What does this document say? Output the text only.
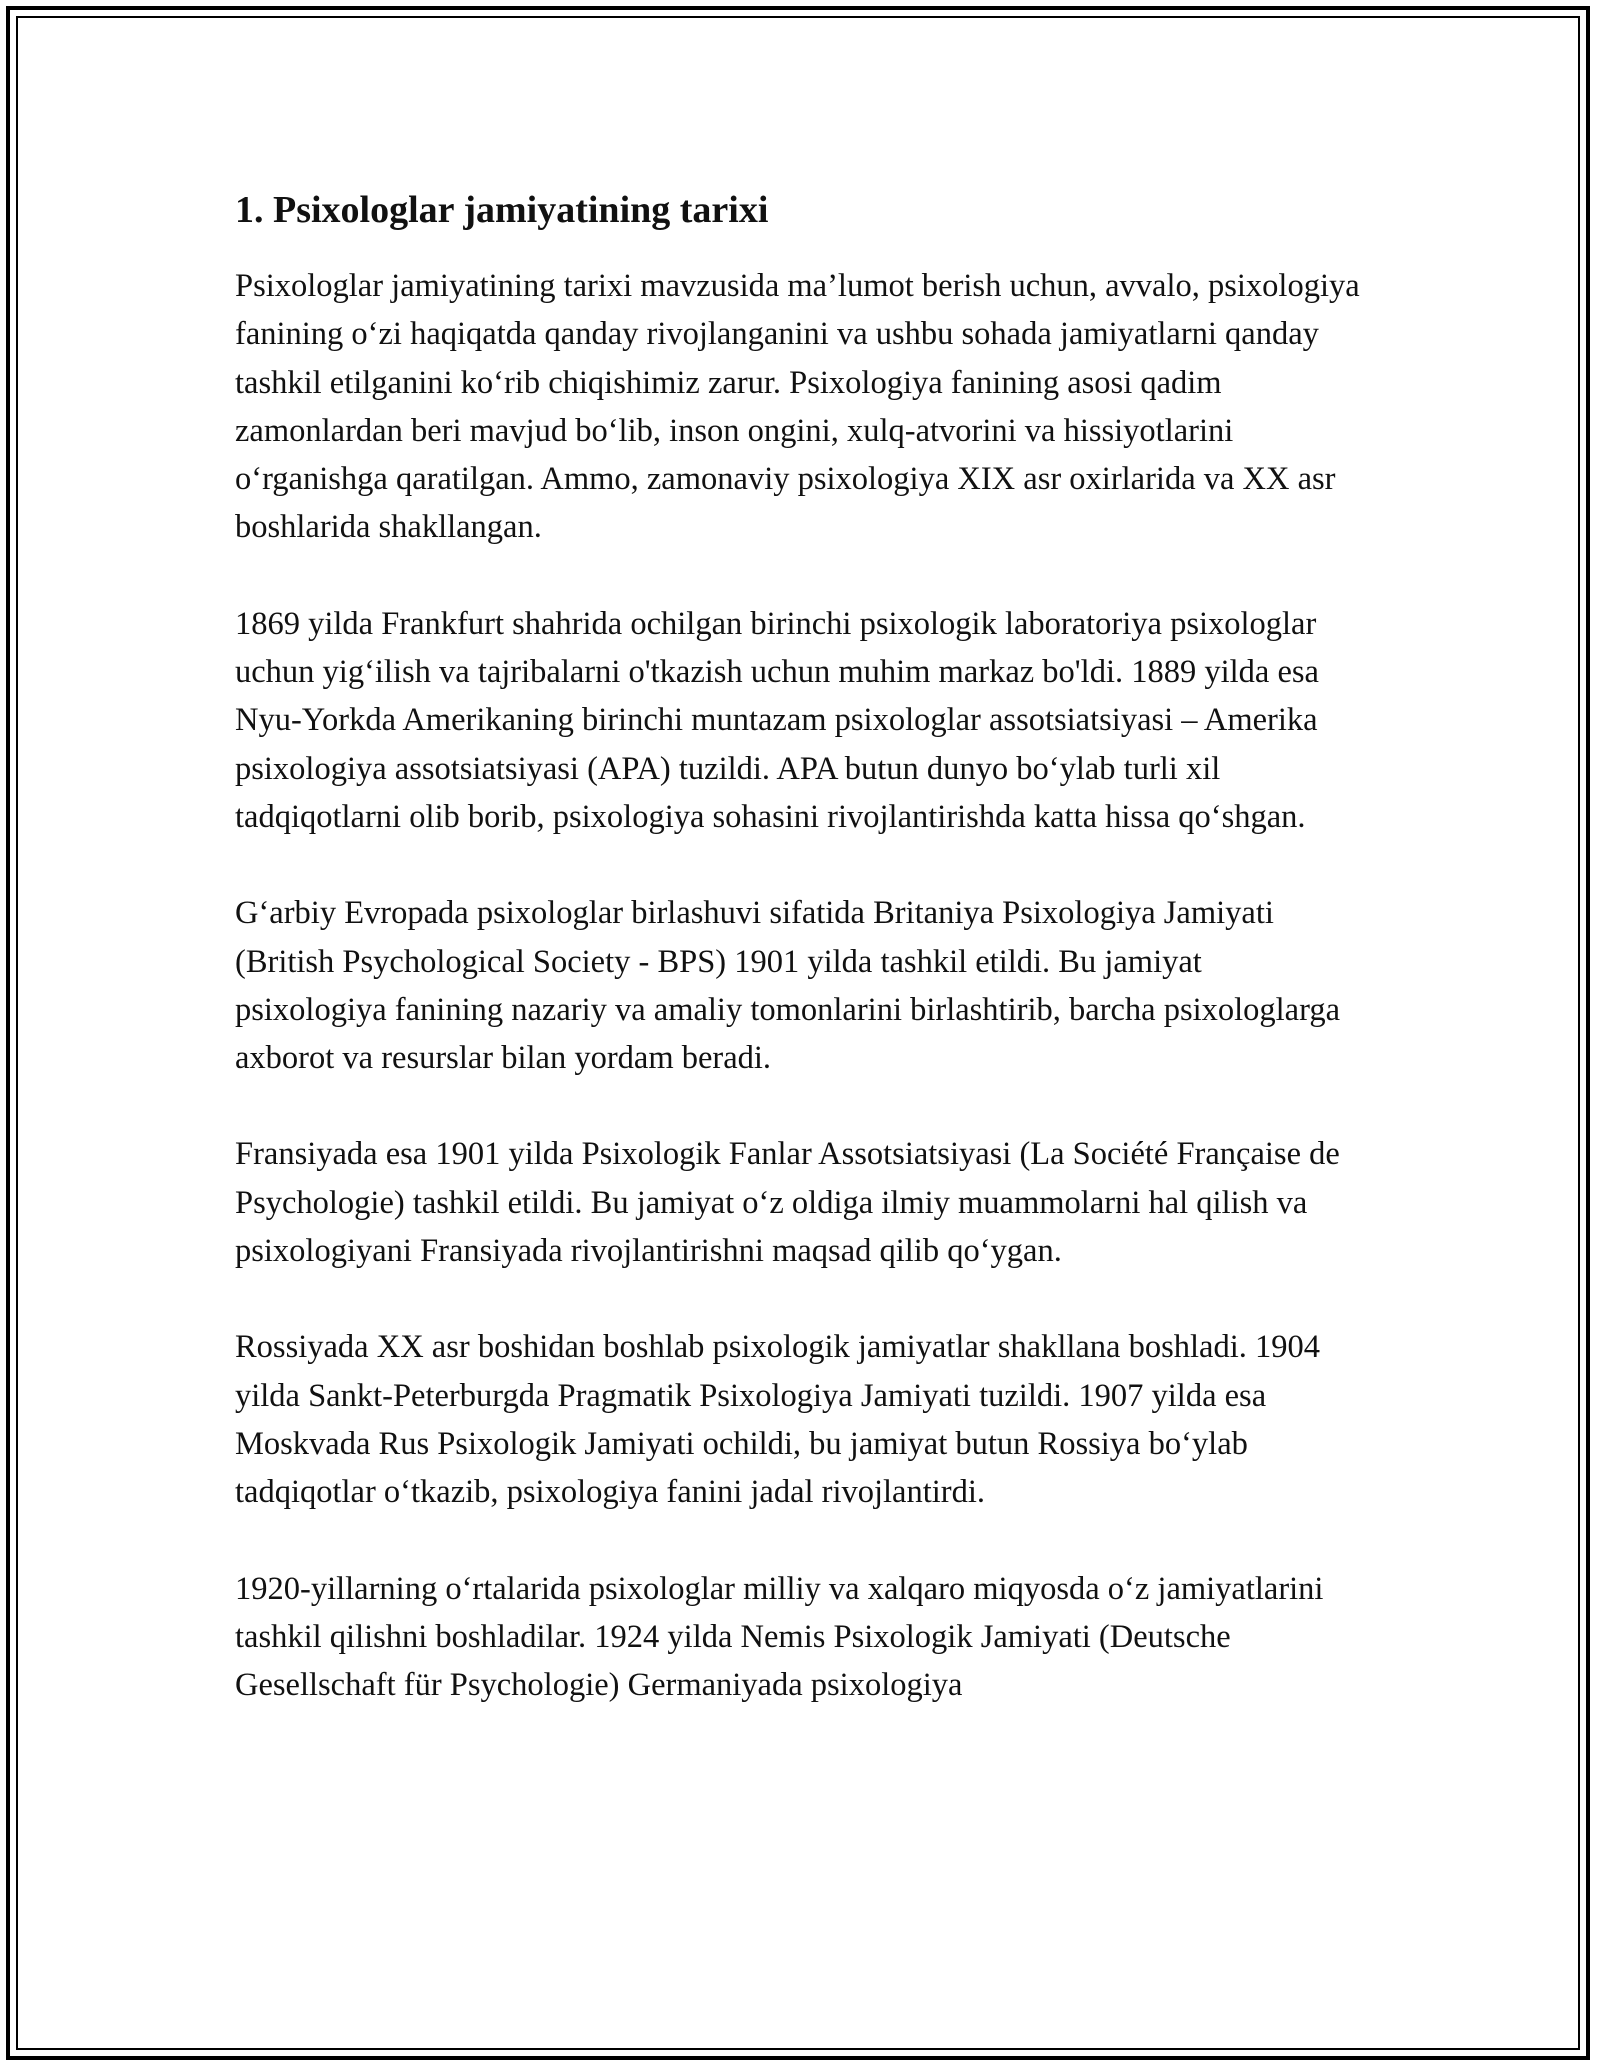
1. Psixologlar jamiyatining tarixi

Psixologlar jamiyatining tarixi mavzusida ma’lumot berish uchun, avvalo, psixologiya fanining o‘zi haqiqatda qanday rivojlanganini va ushbu sohada jamiyatlarni qanday tashkil etilganini ko‘rib chiqishimiz zarur. Psixologiya fanining asosi qadim zamonlardan beri mavjud bo‘lib, inson ongini, xulq-atvorini va hissiyotlarini o‘rganishga qaratilgan. Ammo, zamonaviy psixologiya XIX asr oxirlarida va XX asr boshlarida shakllangan.

1869 yilda Frankfurt shahrida ochilgan birinchi psixologik laboratoriya psixologlar uchun yig‘ilish va tajribalarni o'tkazish uchun muhim markaz bo'ldi. 1889 yilda esa Nyu-Yorkda Amerikaning birinchi muntazam psixologlar assotsiatsiyasi – Amerika psixologiya assotsiatsiyasi (APA) tuzildi. APA butun dunyo bo‘ylab turli xil tadqiqotlarni olib borib, psixologiya sohasini rivojlantirishda katta hissa qo‘shgan.

G‘arbiy Evropada psixologlar birlashuvi sifatida Britaniya Psixologiya Jamiyati (British Psychological Society - BPS) 1901 yilda tashkil etildi. Bu jamiyat psixologiya fanining nazariy va amaliy tomonlarini birlashtirib, barcha psixologlarga axborot va resurslar bilan yordam beradi.

Fransiyada esa 1901 yilda Psixologik Fanlar Assotsiatsiyasi (La Société Française de Psychologie) tashkil etildi. Bu jamiyat o‘z oldiga ilmiy muammolarni hal qilish va psixologiyani Fransiyada rivojlantirishni maqsad qilib qo‘ygan.

Rossiyada XX asr boshidan boshlab psixologik jamiyatlar shakllana boshladi. 1904 yilda Sankt-Peterburgda Pragmatik Psixologiya Jamiyati tuzildi. 1907 yilda esa Moskvada Rus Psixologik Jamiyati ochildi, bu jamiyat butun Rossiya bo‘ylab tadqiqotlar o‘tkazib, psixologiya fanini jadal rivojlantirdi.

1920-yillarning o‘rtalarida psixologlar milliy va xalqaro miqyosda o‘z jamiyatlarini tashkil qilishni boshladilar. 1924 yilda Nemis Psixologik Jamiyati (Deutsche Gesellschaft für Psychologie) Germaniyada psixologiya
